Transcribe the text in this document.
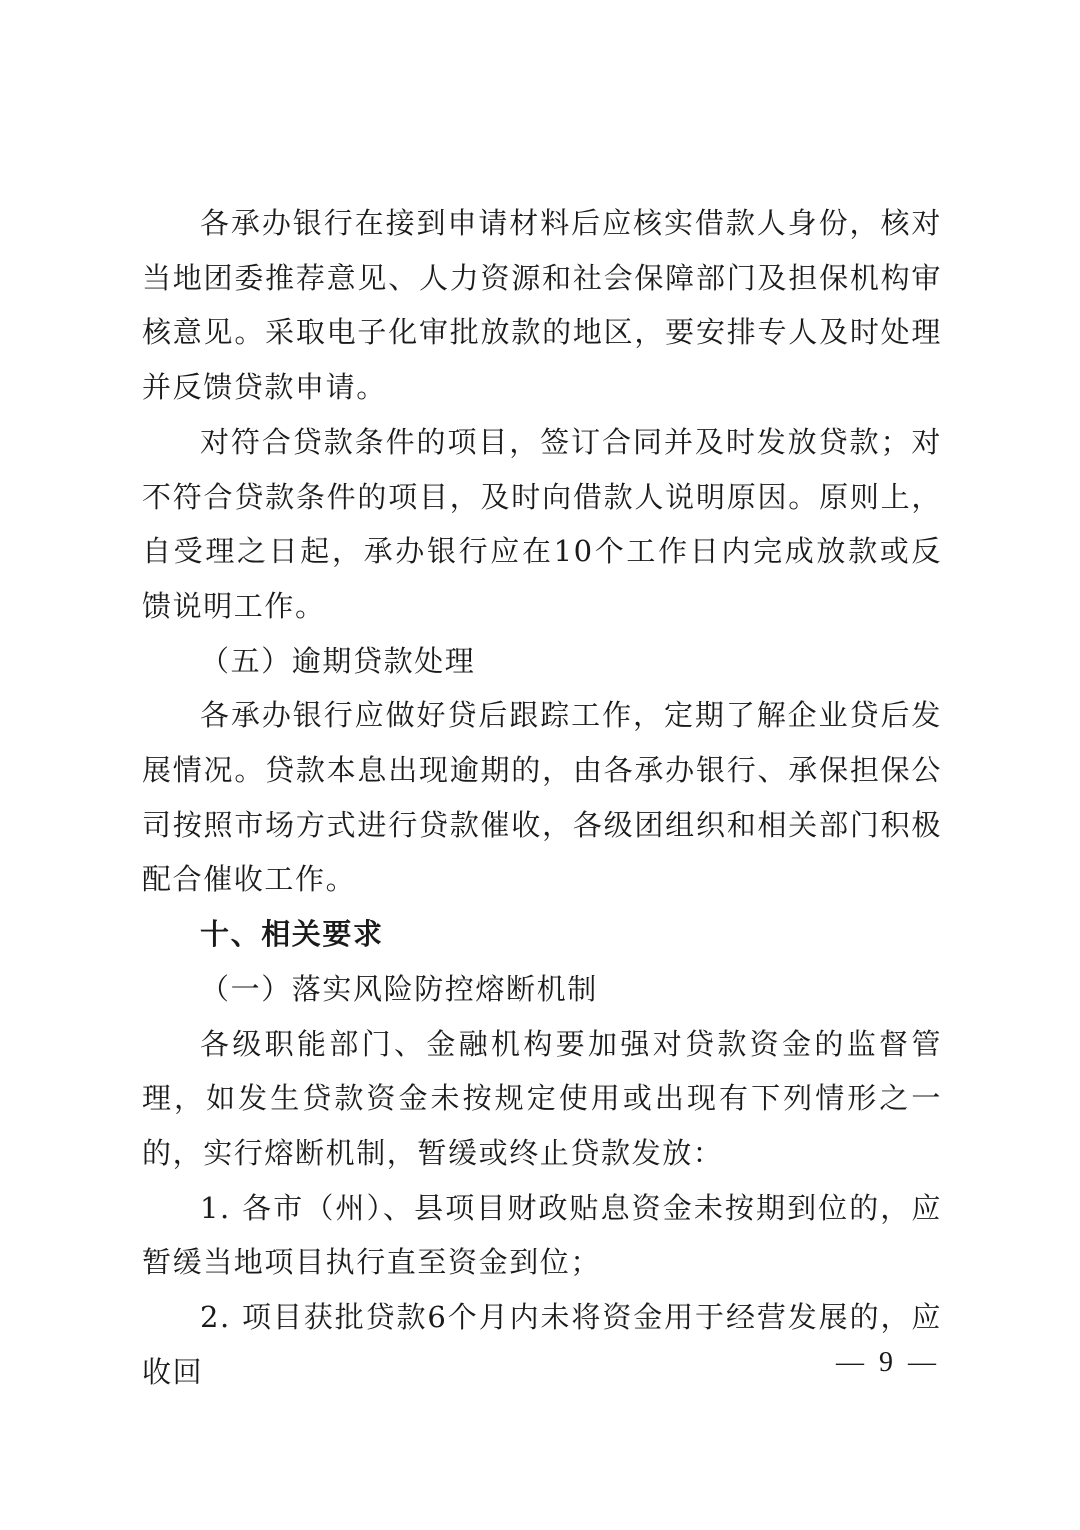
各承办银行在接到申请材料后应核实借款人身份，核对当地团委推荐意见、人力资源和社会保障部门及担保机构审核意见。采取电子化审批放款的地区，要安排专人及时处理并反馈贷款申请。

对符合贷款条件的项目，签订合同并及时发放贷款；对不符合贷款条件的项目，及时向借款人说明原因。原则上，自受理之日起，承办银行应在10个工作日内完成放款或反馈说明工作。

（五）逾期贷款处理

各承办银行应做好贷后跟踪工作，定期了解企业贷后发展情况。贷款本息出现逾期的，由各承办银行、承保担保公司按照市场方式进行贷款催收，各级团组织和相关部门积极配合催收工作。

十、相关要求

（一）落实风险防控熔断机制

各级职能部门、金融机构要加强对贷款资金的监督管理，如发生贷款资金未按规定使用或出现有下列情形之一的，实行熔断机制，暂缓或终止贷款发放：

1. 各市（州）、县项目财政贴息资金未按期到位的，应暂缓当地项目执行直至资金到位；

2. 项目获批贷款6个月内未将资金用于经营发展的，应收回	— 9 —
